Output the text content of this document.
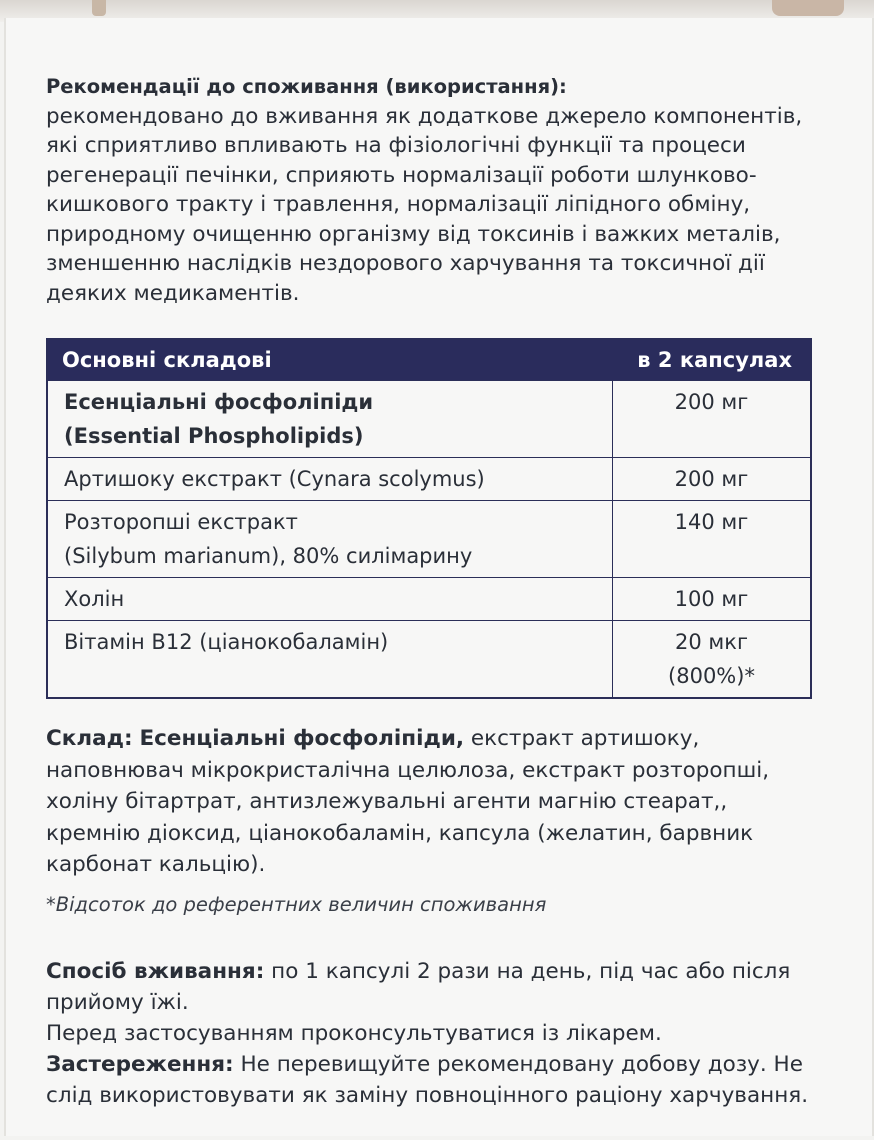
Рекомендації до споживання (використання):
рекомендовано до вживання як додаткове джерело компонентів, які сприятливо впливають на фізіологічні функції та процеси регенерації печінки, сприяють нормалізації роботи шлунково-кишкового тракту і травлення, нормалізації ліпідного обміну, природному очищенню організму від токсинів і важких металів, зменшенню наслідків нездорового харчування та токсичної дії деяких медикаментів.

Основні складові	в 2 капсулах
Есенціальні фосфоліпіди
(Essential Phospholipids)	200 мг
Артишоку екстракт (Cynara scolymus)	200 мг
Розторопші екстракт
(Silybum marianum), 80% силімарину	140 мг
Холін	100 мг
Вітамін В12 (ціанокобаламін)	20 мкг (800%)*

Склад: Есенціальні фосфоліпіди, екстракт артишоку, наповнювач мікрокристалічна целюлоза, екстракт розторопші, холіну бітартрат, антизлежувальні агенти магнію стеарат,, кремнію діоксид, ціанокобаламін, капсула (желатин, барвник карбонат кальцію).

*Відсоток до референтних величин споживання

Спосіб вживання: по 1 капсулі 2 рази на день, під час або після прийому їжі.

Перед застосуванням проконсультуватися із лікарем.

Застереження: Не перевищуйте рекомендовану добову дозу. Не слід використовувати як заміну повноцінного раціону харчування.
